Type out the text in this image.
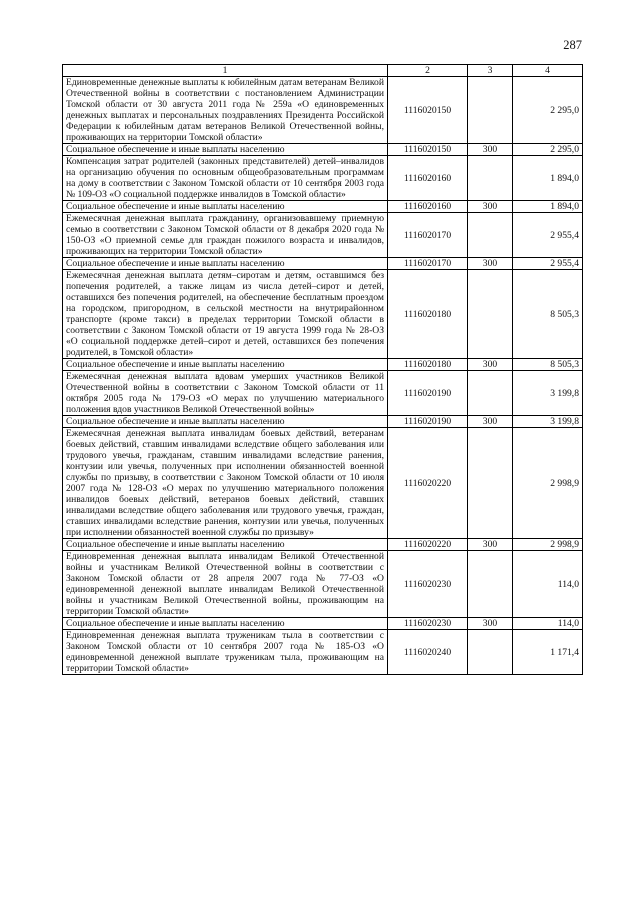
287
1	2	3	4
Единовременные денежные выплаты к юбилейным датам ветеранам Великой Отечественной войны в соответствии с постановлением Администрации Томской области от 30 августа 2011 года № 259а «О единовременных денежных выплатах и персональных поздравлениях Президента Российской Федерации к юбилейным датам ветеранов Великой Отечественной войны, проживающих на территории Томской области»	1116020150		2 295,0
Социальное обеспечение и иные выплаты населению	1116020150	300	2 295,0
Компенсация затрат родителей (законных представителей) детей–инвалидов на организацию обучения по основным общеобразовательным программам на дому в соответствии с Законом Томской области от 10 сентября 2003 года № 109-ОЗ «О социальной поддержке инвалидов в Томской области»	1116020160		1 894,0
Социальное обеспечение и иные выплаты населению	1116020160	300	1 894,0
Ежемесячная денежная выплата гражданину, организовавшему приемную семью в соответствии с Законом Томской области от 8 декабря 2020 года № 150-ОЗ «О приемной семье для граждан пожилого возраста и инвалидов, проживающих на территории Томской области»	1116020170		2 955,4
Социальное обеспечение и иные выплаты населению	1116020170	300	2 955,4
Ежемесячная денежная выплата детям–сиротам и детям, оставшимся без попечения родителей, а также лицам из числа детей–сирот и детей, оставшихся без попечения родителей, на обеспечение бесплатным проездом на городском, пригородном, в сельской местности на внутрирайонном транспорте (кроме такси) в пределах территории Томской области в соответствии с Законом Томской области от 19 августа 1999 года № 28-ОЗ «О социальной поддержке детей–сирот и детей, оставшихся без попечения родителей, в Томской области»	1116020180		8 505,3
Социальное обеспечение и иные выплаты населению	1116020180	300	8 505,3
Ежемесячная денежная выплата вдовам умерших участников Великой Отечественной войны в соответствии с Законом Томской области от 11 октября 2005 года № 179-ОЗ «О мерах по улучшению материального положения вдов участников Великой Отечественной войны»	1116020190		3 199,8
Социальное обеспечение и иные выплаты населению	1116020190	300	3 199,8
Ежемесячная денежная выплата инвалидам боевых действий, ветеранам боевых действий, ставшим инвалидами вследствие общего заболевания или трудового увечья, гражданам, ставшим инвалидами вследствие ранения, контузии или увечья, полученных при исполнении обязанностей военной службы по призыву, в соответствии с Законом Томской области от 10 июля 2007 года № 128-ОЗ «О мерах по улучшению материального положения инвалидов боевых действий, ветеранов боевых действий, ставших инвалидами вследствие общего заболевания или трудового увечья, граждан, ставших инвалидами вследствие ранения, контузии или увечья, полученных при исполнении обязанностей военной службы по призыву»	1116020220		2 998,9
Социальное обеспечение и иные выплаты населению	1116020220	300	2 998,9
Единовременная денежная выплата инвалидам Великой Отечественной войны и участникам Великой Отечественной войны в соответствии с Законом Томской области от 28 апреля 2007 года № 77-ОЗ «О единовременной денежной выплате инвалидам Великой Отечественной войны и участникам Великой Отечественной войны, проживающим на территории Томской области»	1116020230		114,0
Социальное обеспечение и иные выплаты населению	1116020230	300	114,0
Единовременная денежная выплата труженикам тыла в соответствии с Законом Томской области от 10 сентября 2007 года № 185-ОЗ «О единовременной денежной выплате труженикам тыла, проживающим на территории Томской области»	1116020240		1 171,4
